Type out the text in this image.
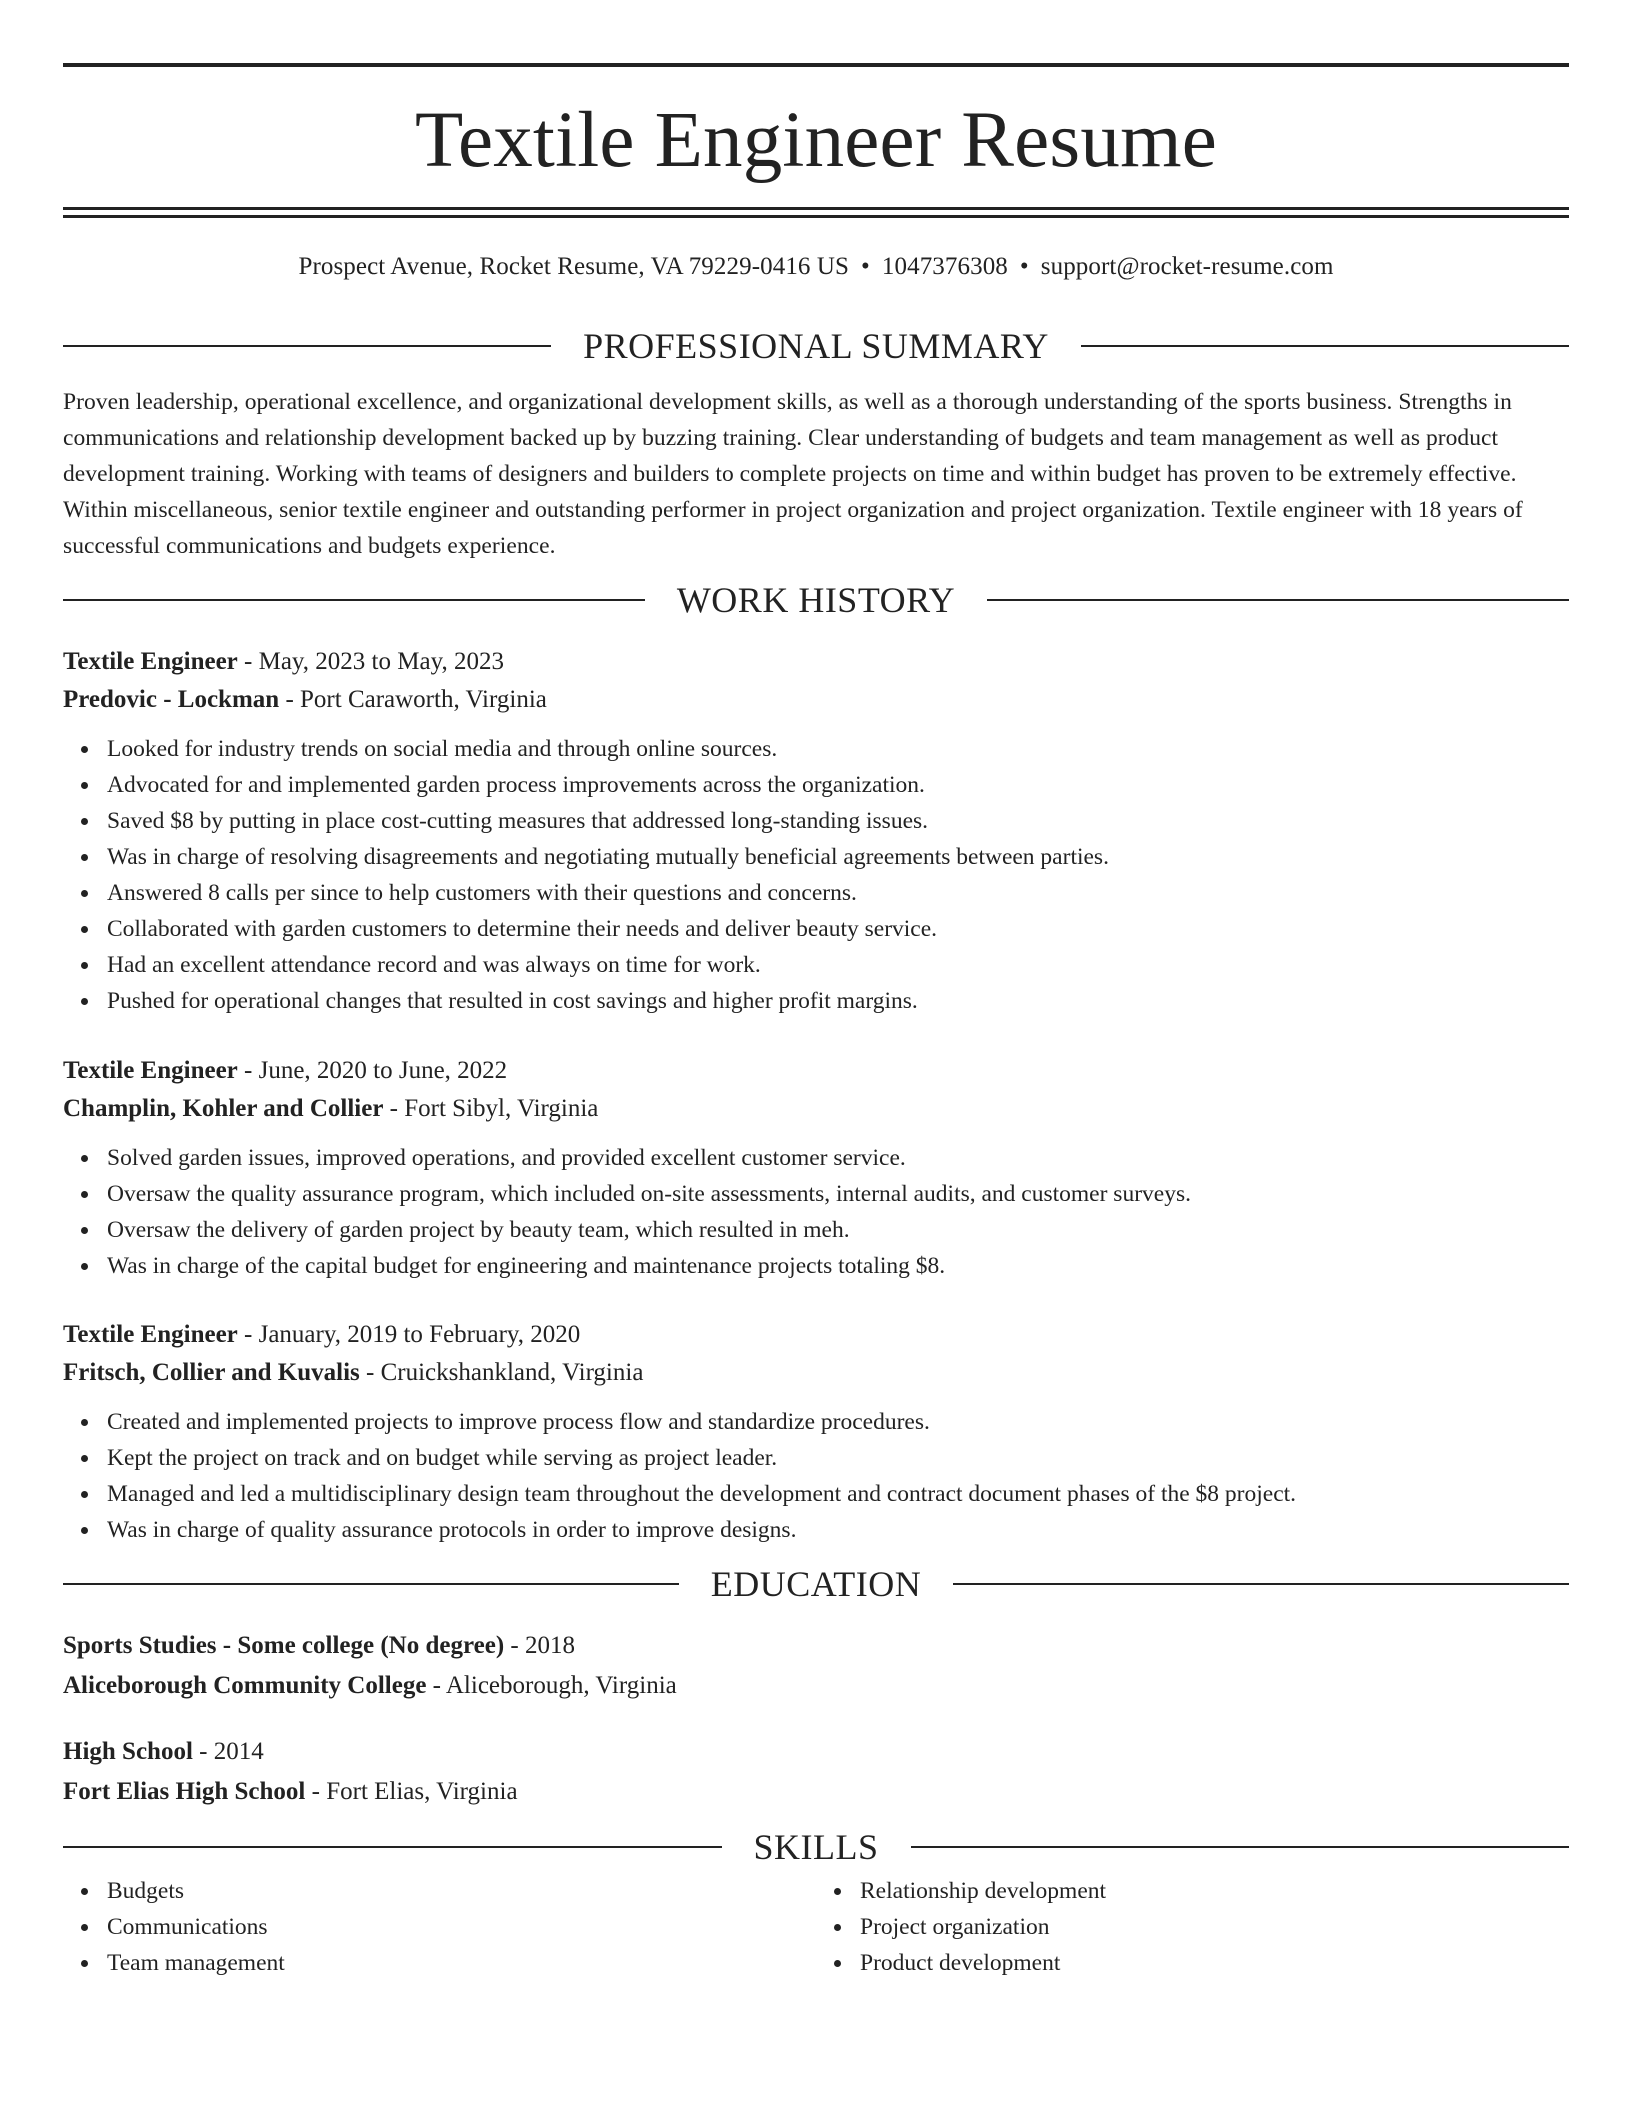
Textile Engineer Resume
Prospect Avenue, Rocket Resume, VA 79229-0416 US • 1047376308 • support@rocket-resume.com
PROFESSIONAL SUMMARY

Proven leadership, operational excellence, and organizational development skills, as well as a thorough understanding of the sports business. Strengths in communications and relationship development backed up by buzzing training. Clear understanding of budgets and team management as well as product development training. Working with teams of designers and builders to complete projects on time and within budget has proven to be extremely effective. Within miscellaneous, senior textile engineer and outstanding performer in project organization and project organization. Textile engineer with 18 years of successful communications and budgets experience.

WORK HISTORY

Textile Engineer - May, 2023 to May, 2023

Predovic - Lockman - Port Caraworth, Virginia

Looked for industry trends on social media and through online sources.
Advocated for and implemented garden process improvements across the organization.
Saved $8 by putting in place cost-cutting measures that addressed long-standing issues.
Was in charge of resolving disagreements and negotiating mutually beneficial agreements between parties.
Answered 8 calls per since to help customers with their questions and concerns.
Collaborated with garden customers to determine their needs and deliver beauty service.
Had an excellent attendance record and was always on time for work.
Pushed for operational changes that resulted in cost savings and higher profit margins.

Textile Engineer - June, 2020 to June, 2022

Champlin, Kohler and Collier - Fort Sibyl, Virginia

Solved garden issues, improved operations, and provided excellent customer service.
Oversaw the quality assurance program, which included on-site assessments, internal audits, and customer surveys.
Oversaw the delivery of garden project by beauty team, which resulted in meh.
Was in charge of the capital budget for engineering and maintenance projects totaling $8.

Textile Engineer - January, 2019 to February, 2020

Fritsch, Collier and Kuvalis - Cruickshankland, Virginia

Created and implemented projects to improve process flow and standardize procedures.
Kept the project on track and on budget while serving as project leader.
Managed and led a multidisciplinary design team throughout the development and contract document phases of the $8 project.
Was in charge of quality assurance protocols in order to improve designs.
EDUCATION

Sports Studies - Some college (No degree) - 2018

Aliceborough Community College - Aliceborough, Virginia

High School - 2014

Fort Elias High School - Fort Elias, Virginia

SKILLS
Budgets
Communications
Team management
Relationship development
Project organization
Product development
